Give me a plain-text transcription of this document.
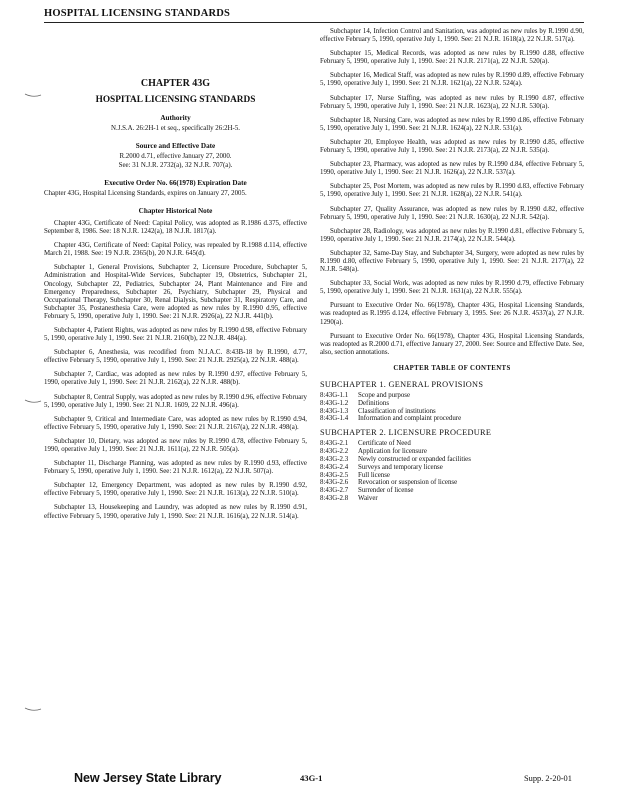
HOSPITAL LICENSING STANDARDS

CHAPTER 43G

HOSPITAL LICENSING STANDARDS

Authority

N.J.S.A. 26:2H-1 et seq., specifically 26:2H-5.

Source and Effective Date

R.2000 d.71, effective January 27, 2000.

See: 31 N.J.R. 2732(a), 32 N.J.R. 707(a).

Executive Order No. 66(1978) Expiration Date

Chapter 43G, Hospital Licensing Standards, expires on January 27, 2005.

Chapter Historical Note

Chapter 43G, Certificate of Need: Capital Policy, was adopted as R.1986 d.375, effective September 8, 1986. See: 18 N.J.R. 1242(a), 18 N.J.R. 1817(a).

Chapter 43G, Certificate of Need: Capital Policy, was repealed by R.1988 d.114, effective March 21, 1988. See: 19 N.J.R. 2365(b), 20 N.J.R. 645(d).

Subchapter 1, General Provisions, Subchapter 2, Licensure Procedure, Subchapter 5, Administration and Hospital-Wide Services, Subchapter 19, Obstetrics, Subchapter 21, Oncology, Subchapter 22, Pediatrics, Subchapter 24, Plant Maintenance and Fire and Emergency Preparedness, Subchapter 26, Psychiatry, Subchapter 29, Physical and Occupational Therapy, Subchapter 30, Renal Dialysis, Subchapter 31, Respiratory Care, and Subchapter 35, Postanesthesia Care, were adopted as new rules by R.1990 d.95, effective February 5, 1990, operative July 1, 1990. See: 21 N.J.R. 2926(a), 22 N.J.R. 441(b).

Subchapter 4, Patient Rights, was adopted as new rules by R.1990 d.98, effective February 5, 1990, operative July 1, 1990. See: 21 N.J.R. 2160(b), 22 N.J.R. 484(a).

Subchapter 6, Anesthesia, was recodified from N.J.A.C. 8:43B-18 by R.1990, d.77, effective February 5, 1990, operative July 1, 1990. See: 21 N.J.R. 2925(a), 22 N.J.R. 488(a).

Subchapter 7, Cardiac, was adopted as new rules by R.1990 d.97, effective February 5, 1990, operative July 1, 1990. See: 21 N.J.R. 2162(a), 22 N.J.R. 488(b).

Subchapter 8, Central Supply, was adopted as new rules by R.1990 d.96, effective February 5, 1990, operative July 1, 1990. See: 21 N.J.R. 1609, 22 N.J.R. 496(a).

Subchapter 9, Critical and Intermediate Care, was adopted as new rules by R.1990 d.94, effective February 5, 1990, operative July 1, 1990. See: 21 N.J.R. 2167(a), 22 N.J.R. 498(a).

Subchapter 10, Dietary, was adopted as new rules by R.1990 d.78, effective February 5, 1990, operative July 1, 1990. See: 21 N.J.R. 1611(a), 22 N.J.R. 505(a).

Subchapter 11, Discharge Planning, was adopted as new rules by R.1990 d.93, effective February 5, 1990, operative July 1, 1990. See: 21 N.J.R. 1612(a), 22 N.J.R. 507(a).

Subchapter 12, Emergency Department, was adopted as new rules by R.1990 d.92, effective February 5, 1990, operative July 1, 1990. See: 21 N.J.R. 1613(a), 22 N.J.R. 510(a).

Subchapter 13, Housekeeping and Laundry, was adopted as new rules by R.1990 d.91, effective February 5, 1990, operative July 1, 1990. See: 21 N.J.R. 1616(a), 22 N.J.R. 514(a).

Subchapter 14, Infection Control and Sanitation, was adopted as new rules by R.1990 d.90, effective February 5, 1990, operative July 1, 1990. See: 21 N.J.R. 1618(a), 22 N.J.R. 517(a).

Subchapter 15, Medical Records, was adopted as new rules by R.1990 d.88, effective February 5, 1990, operative July 1, 1990. See: 21 N.J.R. 2171(a), 22 N.J.R. 520(a).

Subchapter 16, Medical Staff, was adopted as new rules by R.1990 d.89, effective February 5, 1990, operative July 1, 1990. See: 21 N.J.R. 1621(a), 22 N.J.R. 524(a).

Subchapter 17, Nurse Staffing, was adopted as new rules by R.1990 d.87, effective February 5, 1990, operative July 1, 1990. See: 21 N.J.R. 1623(a), 22 N.J.R. 530(a).

Subchapter 18, Nursing Care, was adopted as new rules by R.1990 d.86, effective February 5, 1990, operative July 1, 1990. See: 21 N.J.R. 1624(a), 22 N.J.R. 531(a).

Subchapter 20, Employee Health, was adopted as new rules by R.1990 d.85, effective February 5, 1990, operative July 1, 1990. See: 21 N.J.R. 2173(a), 22 N.J.R. 535(a).

Subchapter 23, Pharmacy, was adopted as new rules by R.1990 d.84, effective February 5, 1990, operative July 1, 1990. See: 21 N.J.R. 1626(a), 22 N.J.R. 537(a).

Subchapter 25, Post Mortem, was adopted as new rules by R.1990 d.83, effective February 5, 1990, operative July 1, 1990. See: 21 N.J.R. 1628(a), 22 N.J.R. 541(a).

Subchapter 27, Quality Assurance, was adopted as new rules by R.1990 d.82, effective February 5, 1990, operative July 1, 1990. See: 21 N.J.R. 1630(a), 22 N.J.R. 542(a).

Subchapter 28, Radiology, was adopted as new rules by R.1990 d.81, effective February 5, 1990, operative July 1, 1990. See: 21 N.J.R. 2174(a), 22 N.J.R. 544(a).

Subchapter 32, Same-Day Stay, and Subchapter 34, Surgery, were adopted as new rules by R.1990 d.80, effective February 5, 1990, operative July 1, 1990. See: 21 N.J.R. 2177(a), 22 N.J.R. 548(a).

Subchapter 33, Social Work, was adopted as new rules by R.1990 d.79, effective February 5, 1990, operative July 1, 1990. See: 21 N.J.R. 1631(a), 22 N.J.R. 555(a).

Pursuant to Executive Order No. 66(1978), Chapter 43G, Hospital Licensing Standards, was readopted as R.1995 d.124, effective February 3, 1995. See: 26 N.J.R. 4537(a), 27 N.J.R. 1290(a).

Pursuant to Executive Order No. 66(1978), Chapter 43G, Hospital Licensing Standards, was readopted as R.2000 d.71, effective January 27, 2000. See: Source and Effective Date. See, also, section annotations.

CHAPTER TABLE OF CONTENTS

SUBCHAPTER 1. GENERAL PROVISIONS

8:43G-1.1	Scope and purpose
8:43G-1.2	Definitions
8:43G-1.3	Classification of institutions
8:43G-1.4	Information and complaint procedure

SUBCHAPTER 2. LICENSURE PROCEDURE

8:43G-2.1	Certificate of Need
8:43G-2.2	Application for licensure
8:43G-2.3	Newly constructed or expanded facilities
8:43G-2.4	Surveys and temporary license
8:43G-2.5	Full license
8:43G-2.6	Revocation or suspension of license
8:43G-2.7	Surrender of license
8:43G-2.8	Waiver
New Jersey State Library	43G-1	Supp. 2-20-01
